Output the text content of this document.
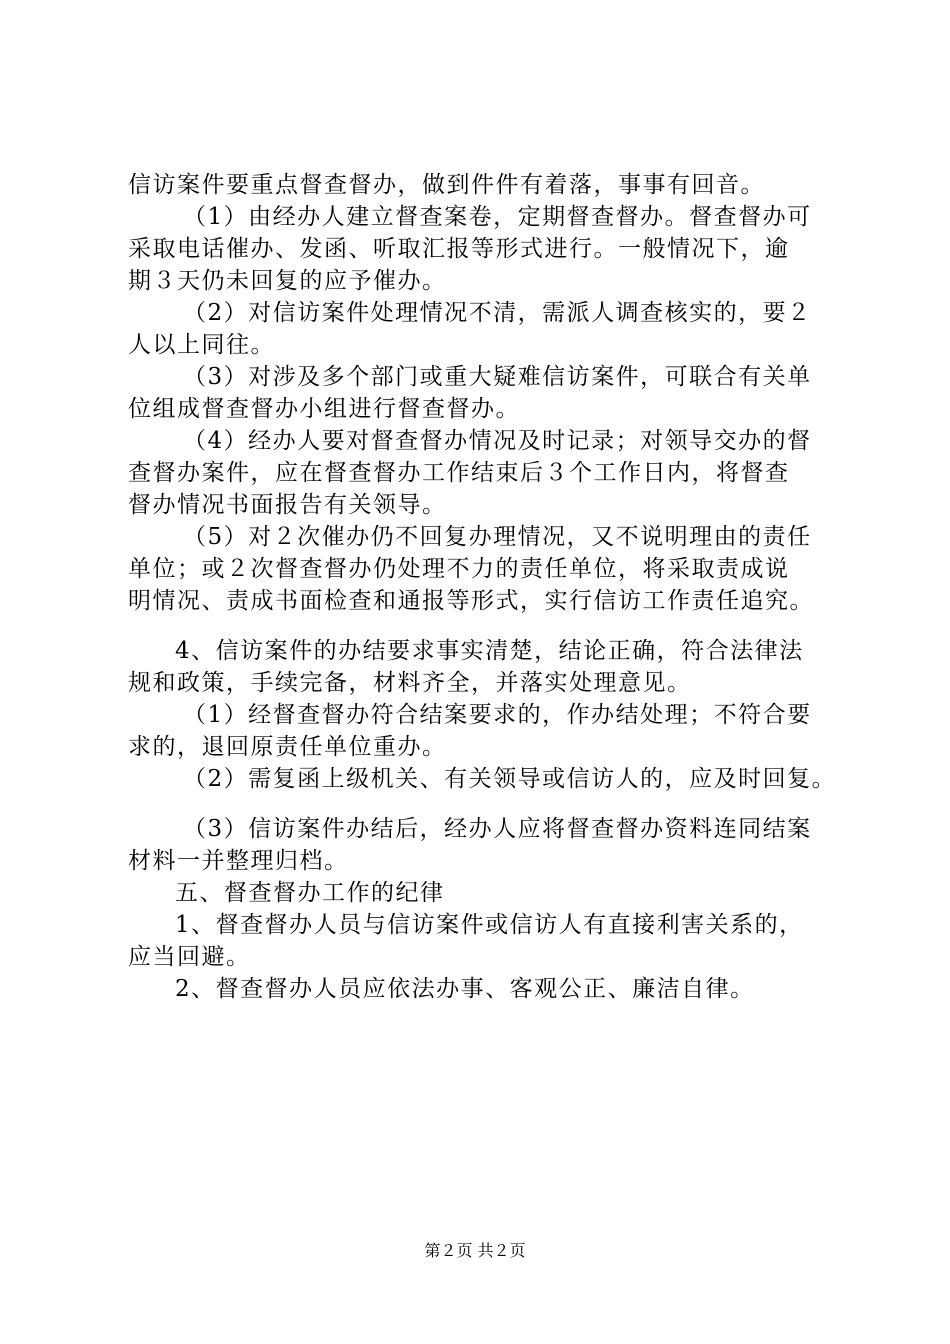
信访案件要重点督查督办，做到件件有着落，事事有回音。
（1）由经办人建立督查案卷，定期督查督办。督查督办可
采取电话催办、发函、听取汇报等形式进行。一般情况下，逾
期３天仍未回复的应予催办。
（2）对信访案件处理情况不清，需派人调查核实的，要２
人以上同往。
（3）对涉及多个部门或重大疑难信访案件，可联合有关单
位组成督查督办小组进行督查督办。
（4）经办人要对督查督办情况及时记录；对领导交办的督
查督办案件，应在督查督办工作结束后３个工作日内，将督查
督办情况书面报告有关领导。
（5）对２次催办仍不回复办理情况，又不说明理由的责任
单位；或２次督查督办仍处理不力的责任单位，将采取责成说
明情况、责成书面检查和通报等形式，实行信访工作责任追究。
4、信访案件的办结要求事实清楚，结论正确，符合法律法
规和政策，手续完备，材料齐全，并落实处理意见。
（1）经督查督办符合结案要求的，作办结处理；不符合要
求的，退回原责任单位重办。
（2）需复函上级机关、有关领导或信访人的，应及时回复。
（3）信访案件办结后，经办人应将督查督办资料连同结案
材料一并整理归档。
五、督查督办工作的纪律
1、督查督办人员与信访案件或信访人有直接利害关系的，
应当回避。
2、督查督办人员应依法办事、客观公正、廉洁自律。
第２页 共２页
